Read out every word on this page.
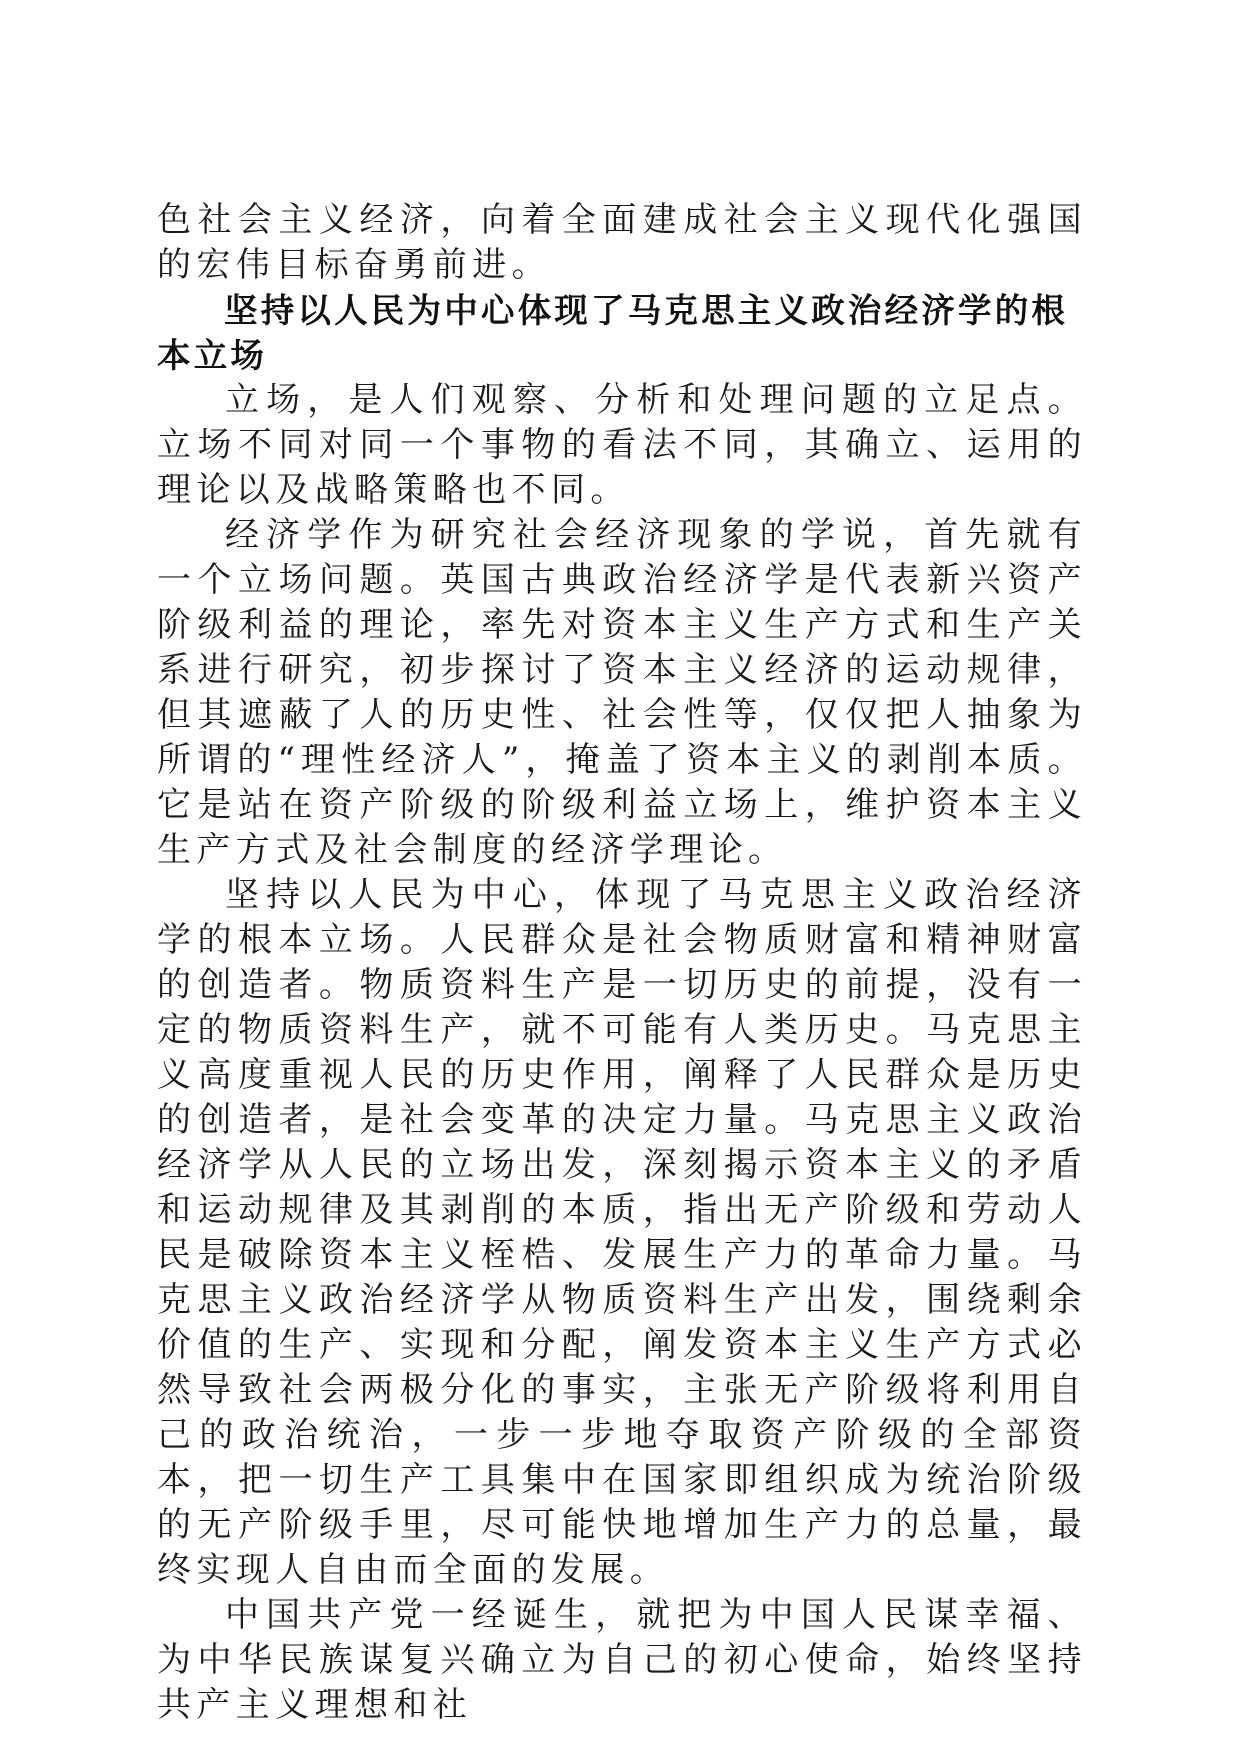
色社会主义经济，向着全面建成社会主义现代化强国的宏伟目标奋勇前进。

坚持以人民为中心体现了马克思主义政治经济学的根本立场

立场，是人们观察、分析和处理问题的立足点。立场不同对同一个事物的看法不同，其确立、运用的理论以及战略策略也不同。

经济学作为研究社会经济现象的学说，首先就有一个立场问题。英国古典政治经济学是代表新兴资产阶级利益的理论，率先对资本主义生产方式和生产关系进行研究，初步探讨了资本主义经济的运动规律，但其遮蔽了人的历史性、社会性等，仅仅把人抽象为所谓的“理性经济人”，掩盖了资本主义的剥削本质。它是站在资产阶级的阶级利益立场上，维护资本主义生产方式及社会制度的经济学理论。

坚持以人民为中心，体现了马克思主义政治经济学的根本立场。人民群众是社会物质财富和精神财富的创造者。物质资料生产是一切历史的前提，没有一定的物质资料生产，就不可能有人类历史。马克思主义高度重视人民的历史作用，阐释了人民群众是历史的创造者，是社会变革的决定力量。马克思主义政治经济学从人民的立场出发，深刻揭示资本主义的矛盾和运动规律及其剥削的本质，指出无产阶级和劳动人民是破除资本主义桎梏、发展生产力的革命力量。马克思主义政治经济学从物质资料生产出发，围绕剩余价值的生产、实现和分配，阐发资本主义生产方式必然导致社会两极分化的事实，主张无产阶级将利用自己的政治统治，一步一步地夺取资产阶级的全部资本，把一切生产工具集中在国家即组织成为统治阶级的无产阶级手里，尽可能快地增加生产力的总量，最终实现人自由而全面的发展。

中国共产党一经诞生，就把为中国人民谋幸福、为中华民族谋复兴确立为自己的初心使命，始终坚持共产主义理想和社
